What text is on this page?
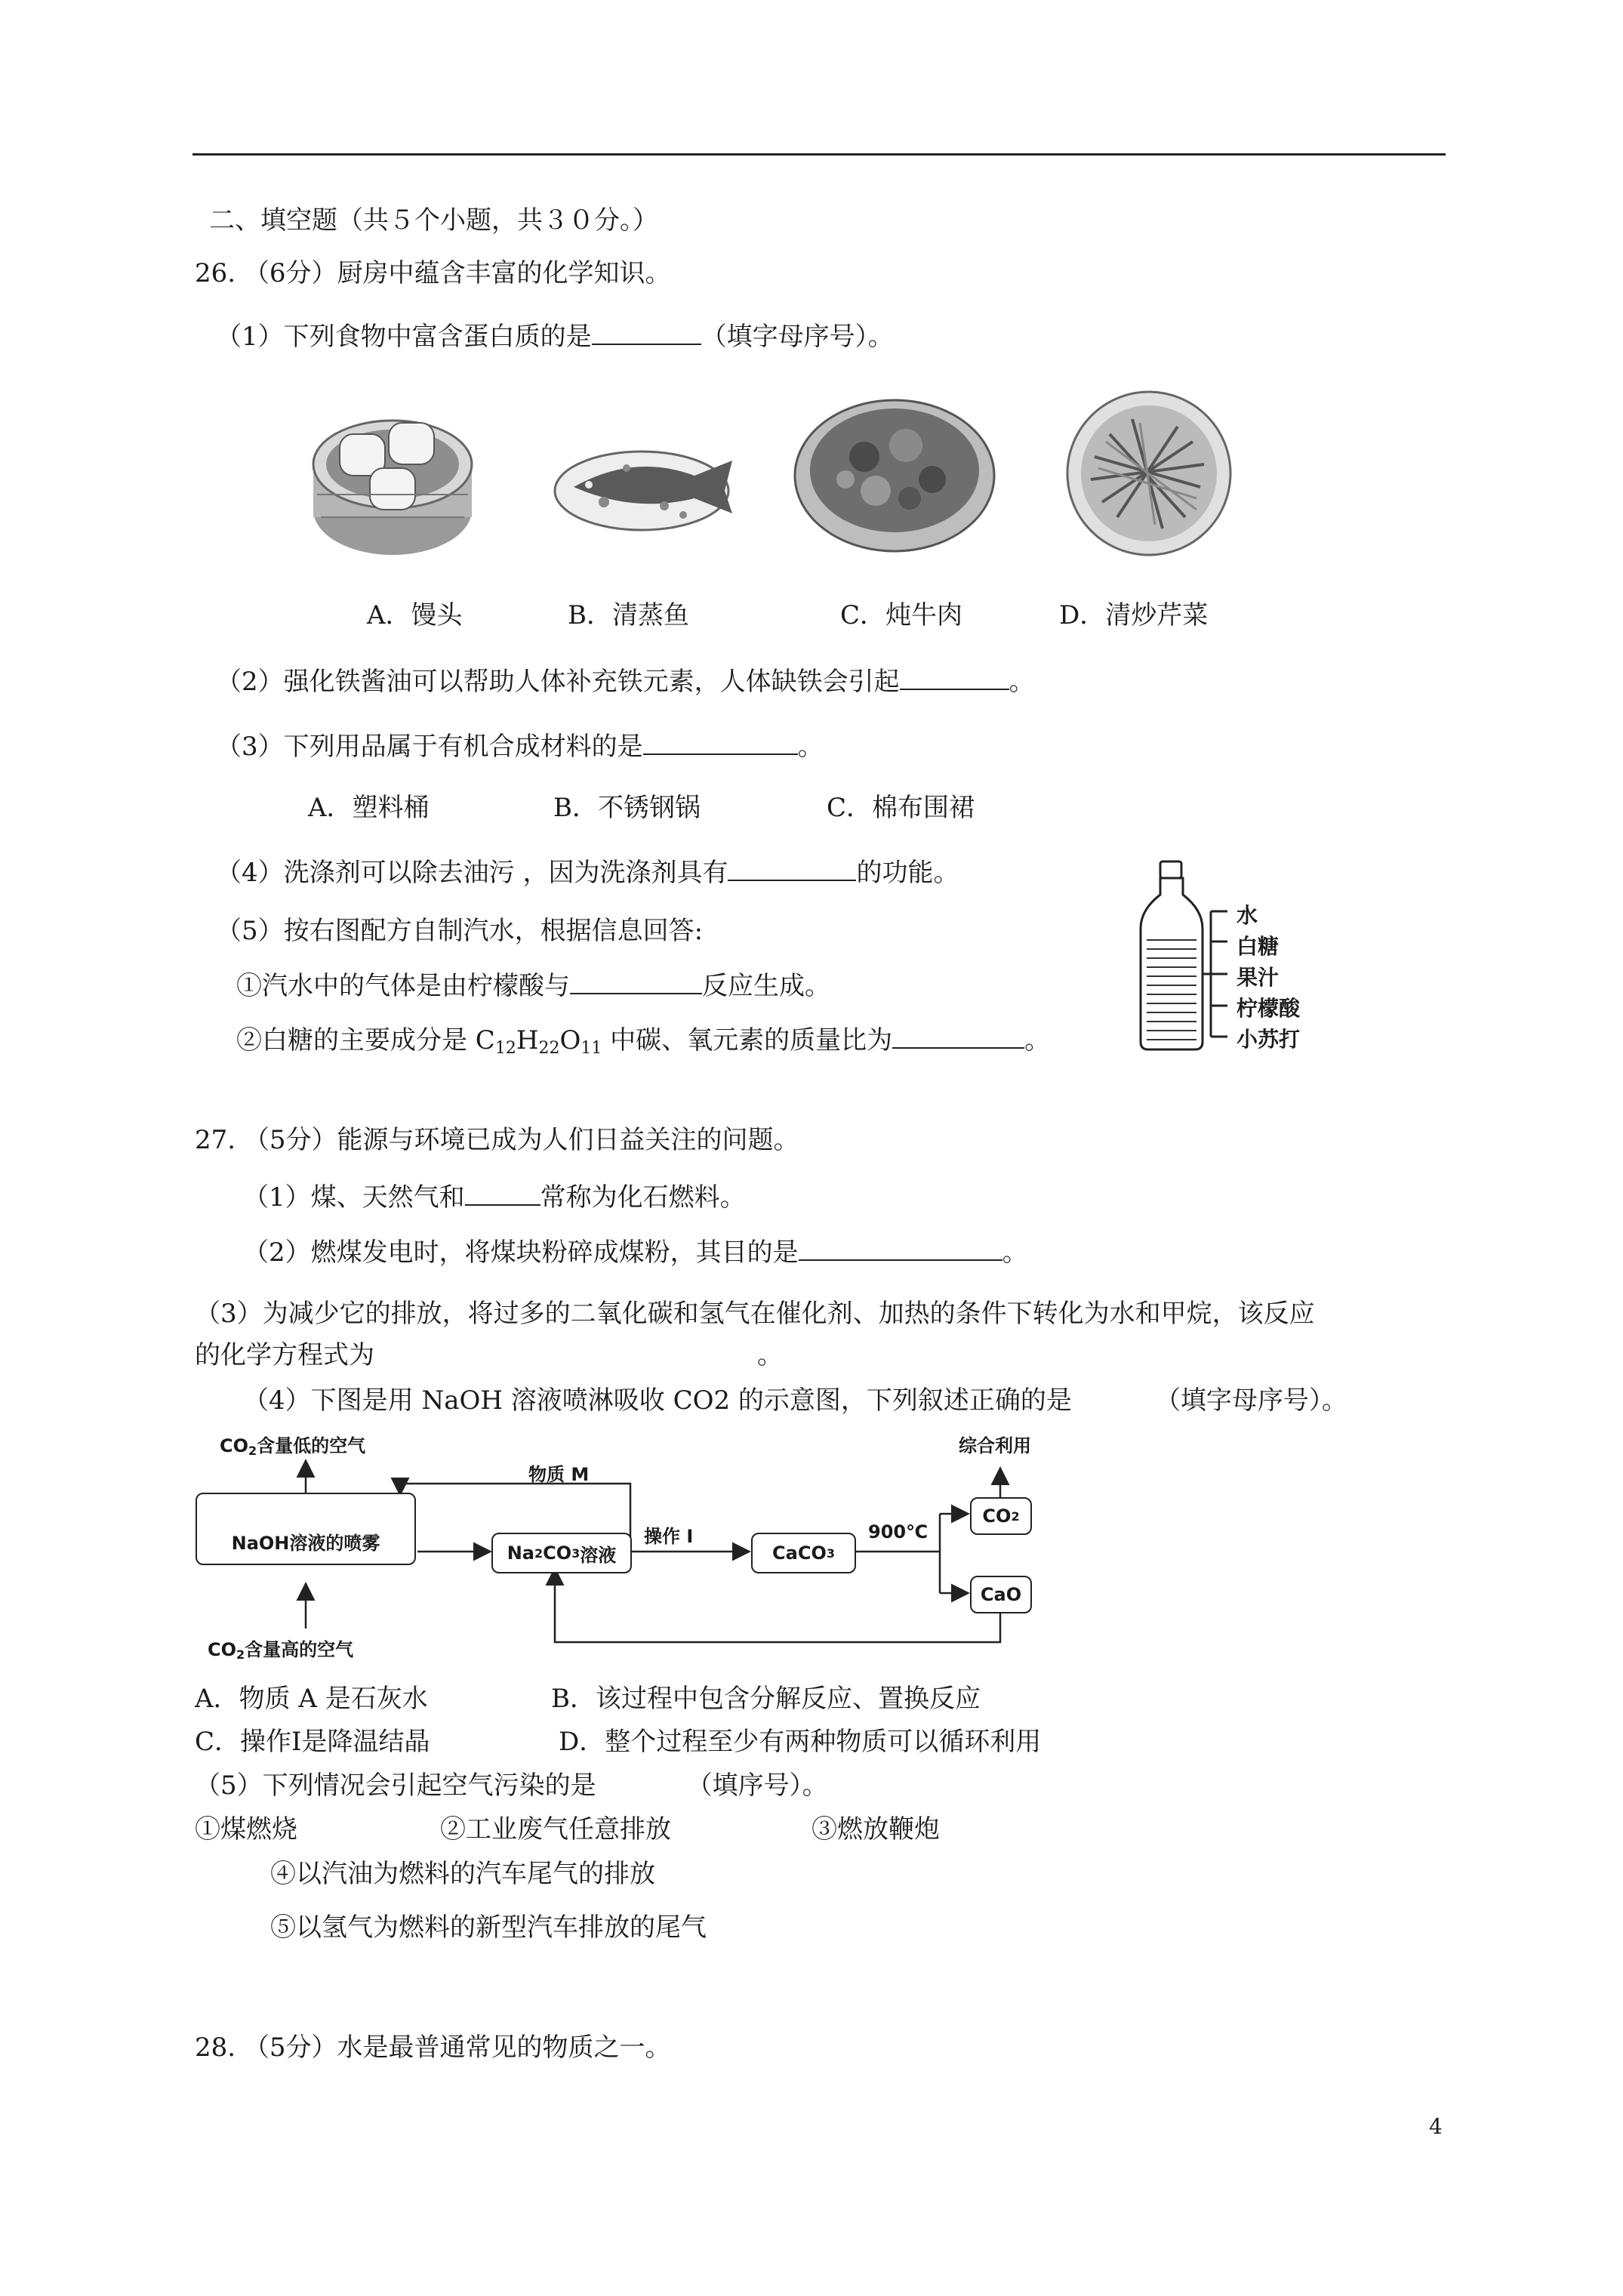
二、填空题（共５个小题，共３０分。）
26. （6分）厨房中蕴含丰富的化学知识。
（1）下列食物中富含蛋白质的是	（填字母序号）。
A．馒头	B．清蒸鱼	C．炖牛肉	D．清炒芹菜
（2）强化铁酱油可以帮助人体补充铁元素，人体缺铁会引起	。
（3）下列用品属于有机合成材料的是	。
A．塑料桶	B．不锈钢锅	C．棉布围裙
（4）洗涤剂可以除去油污 ，因为洗涤剂具有	的功能。
（5）按右图配方自制汽水，根据信息回答:
①汽水中的气体是由柠檬酸与	反应生成。
②白糖的主要成分是 $C_{12}H_{22}O_{11}$ 中碳、氧元素的质量比为	。
水
白糖
果汁
柠檬酸
小苏打
27. （5分）能源与环境已成为人们日益关注的问题。
（1）煤、天然气和	常称为化石燃料。
（2）燃煤发电时，将煤块粉碎成煤粉，其目的是	。
（3）为减少它的排放，将过多的二氧化碳和氢气在催化剂、加热的条件下转化为水和甲烷，该反应
的化学方程式为	。
（4）下图是用 NaOH 溶液喷淋吸收 CO2 的示意图，下列叙述正确的是	（填字母序号）。
$CO_2$含量低的空气
物质 M
NaOH溶液的喷雾	Na 2 CO 3 溶液
操作 I
CaCO 3
900℃
CO 2
CaO
综合利用
$CO_2$含量高的空气
A．物质 A 是石灰水	B．该过程中包含分解反应、置换反应
C．操作Ⅰ是降温结晶	D．整个过程至少有两种物质可以循环利用
（5）下列情况会引起空气污染的是	（填序号）。
①煤燃烧	②工业废气任意排放	③燃放鞭炮
④以汽油为燃料的汽车尾气的排放
⑤以氢气为燃料的新型汽车排放的尾气
28. （5分）水是最普通常见的物质之一。
4
